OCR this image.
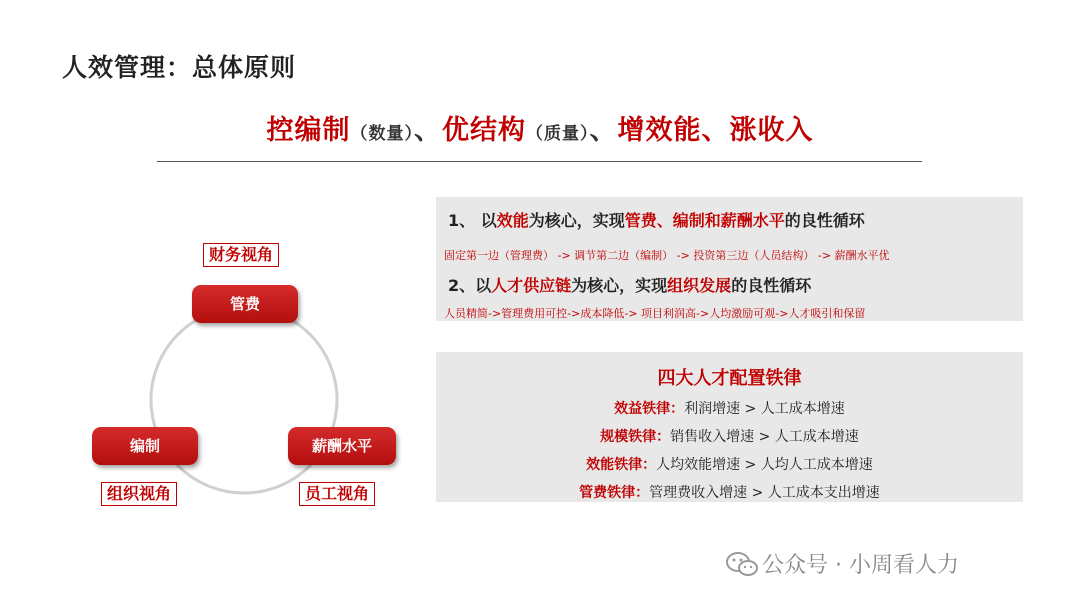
人效管理：总体原则
控编制（数量）、优结构（质量）、增效能、涨收入
财务视角
管费
编制
组织视角
薪酬水平
员工视角
1、 以效能为核心，实现管费、编制和薪酬水平的良性循环
固定第一边（管理费） -> 调节第二边（编制） -> 投资第三边（人员结构） -> 薪酬水平优
2、以人才供应链为核心，实现组织发展的良性循环
人员精简->管理费用可控->成本降低-> 项目利润高->人均激励可观->人才吸引和保留
四大人才配置铁律
效益铁律：利润增速 > 人工成本增速
规模铁律：销售收入增速 > 人工成本增速
效能铁律：人均效能增速 > 人均人工成本增速
管费铁律：管理费收入增速 > 人工成本支出增速
公众号 · 小周看人力
